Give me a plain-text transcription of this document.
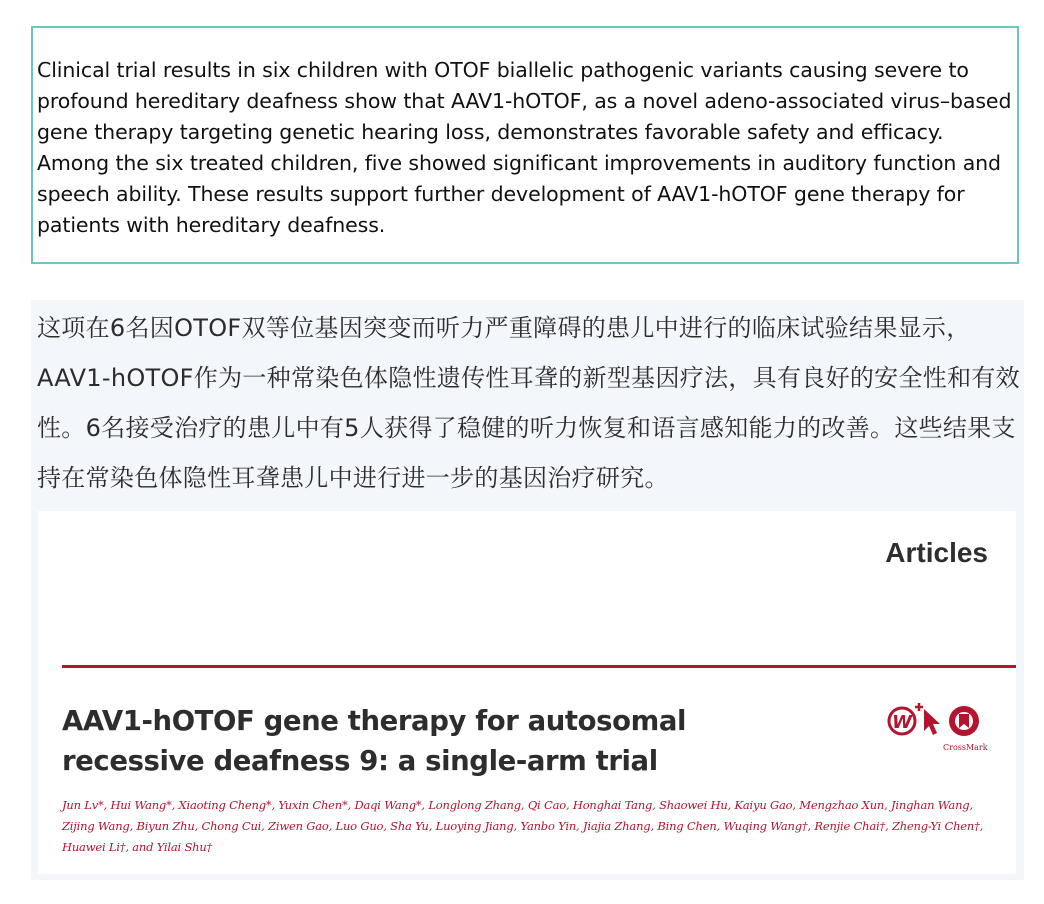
Clinical trial results in six children with OTOF biallelic pathogenic variants causing severe to profound hereditary deafness show that AAV1-hOTOF, as a novel adeno-associated virus–based gene therapy targeting genetic hearing loss, demonstrates favorable safety and efficacy. Among the six treated children, five showed significant improvements in auditory function and speech ability. These results support further development of AAV1-hOTOF gene therapy for patients with hereditary deafness.
这项在6名因OTOF双等位基因突变而听力严重障碍的患儿中进行的临床试验结果显示，AAV1-hOTOF作为一种常染色体隐性遗传性耳聋的新型基因疗法，具有良好的安全性和有效性。6名接受治疗的患儿中有5人获得了稳健的听力恢复和语言感知能力的改善。这些结果支持在常染色体隐性耳聋患儿中进行进一步的基因治疗研究。
Articles
AAV1-hOTOF gene therapy for autosomal recessive deafness 9: a single-arm trial
W
CrossMark
Jun Lv*, Hui Wang*, Xiaoting Cheng*, Yuxin Chen*, Daqi Wang*, Longlong Zhang, Qi Cao, Honghai Tang, Shaowei Hu, Kaiyu Gao, Mengzhao Xun, Jinghan Wang, Zijing Wang, Biyun Zhu, Chong Cui, Ziwen Gao, Luo Guo, Sha Yu, Luoying Jiang, Yanbo Yin, Jiajia Zhang, Bing Chen, Wuqing Wang†, Renjie Chai†, Zheng-Yi Chen†, Huawei Li†, and Yilai Shu†
